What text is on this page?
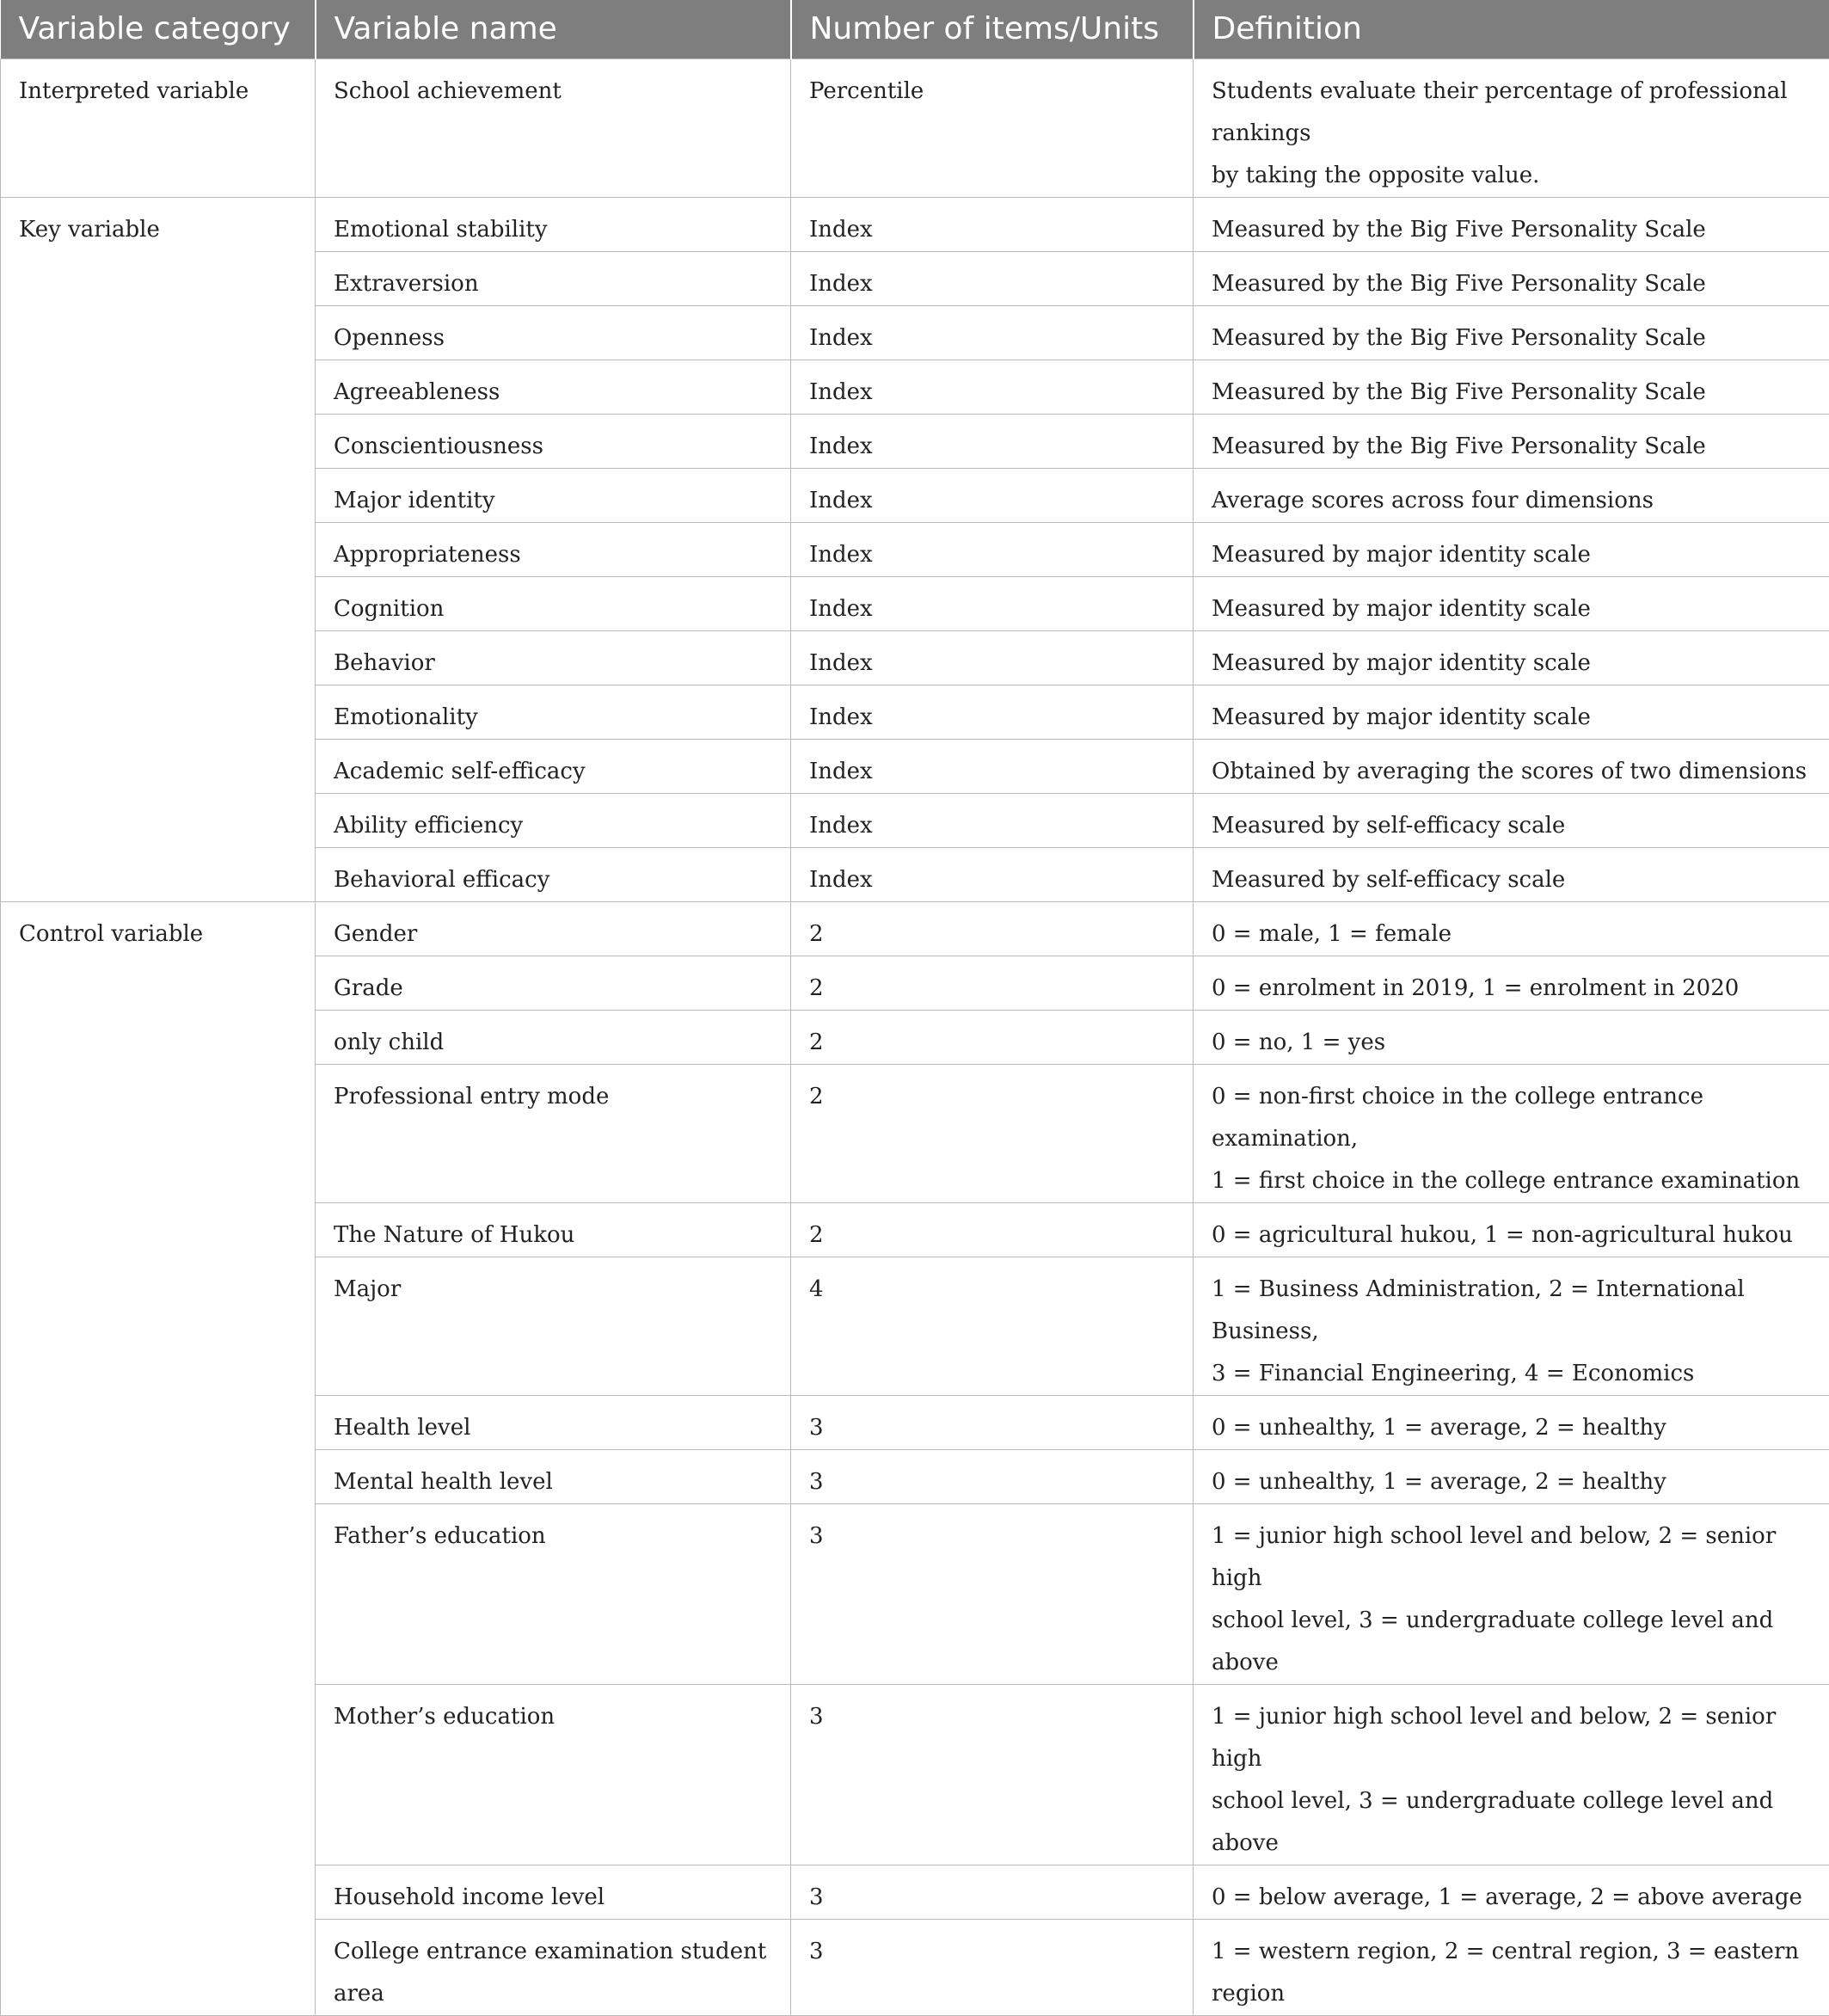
Variable category	Variable name	Number of items/Units	Definition
Interpreted variable	School achievement	Percentile	Students evaluate their percentage of professional rankings
by taking the opposite value.

Key variable	Emotional stability	Index	Measured by the Big Five Personality Scale

	Extraversion	Index	Measured by the Big Five Personality Scale

	Openness	Index	Measured by the Big Five Personality Scale

	Agreeableness	Index	Measured by the Big Five Personality Scale

	Conscientiousness	Index	Measured by the Big Five Personality Scale

	Major identity	Index	Average scores across four dimensions

	Appropriateness	Index	Measured by major identity scale

	Cognition	Index	Measured by major identity scale

	Behavior	Index	Measured by major identity scale

	Emotionality	Index	Measured by major identity scale

	Academic self-efficacy	Index	Obtained by averaging the scores of two dimensions

	Ability efficiency	Index	Measured by self-efficacy scale

	Behavioral efficacy	Index	Measured by self-efficacy scale

Control variable	Gender	2	0 = male, 1 = female

	Grade	2	0 = enrolment in 2019, 1 = enrolment in 2020

	only child	2	0 = no, 1 = yes

	Professional entry mode	2	0 = non-first choice in the college entrance examination,
1 = first choice in the college entrance examination

	The Nature of Hukou	2	0 = agricultural hukou, 1 = non-agricultural hukou

	Major	4	1 = Business Administration, 2 = International Business,
3 = Financial Engineering, 4 = Economics

	Health level	3	0 = unhealthy, 1 = average, 2 = healthy

	Mental health level	3	0 = unhealthy, 1 = average, 2 = healthy

	Father’s education	3	1 = junior high school level and below, 2 = senior high
school level, 3 = undergraduate college level and above

	Mother’s education	3	1 = junior high school level and below, 2 = senior high
school level, 3 = undergraduate college level and above

	Household income level	3	0 = below average, 1 = average, 2 = above average

	College entrance examination student area	3	1 = western region, 2 = central region, 3 = eastern region
